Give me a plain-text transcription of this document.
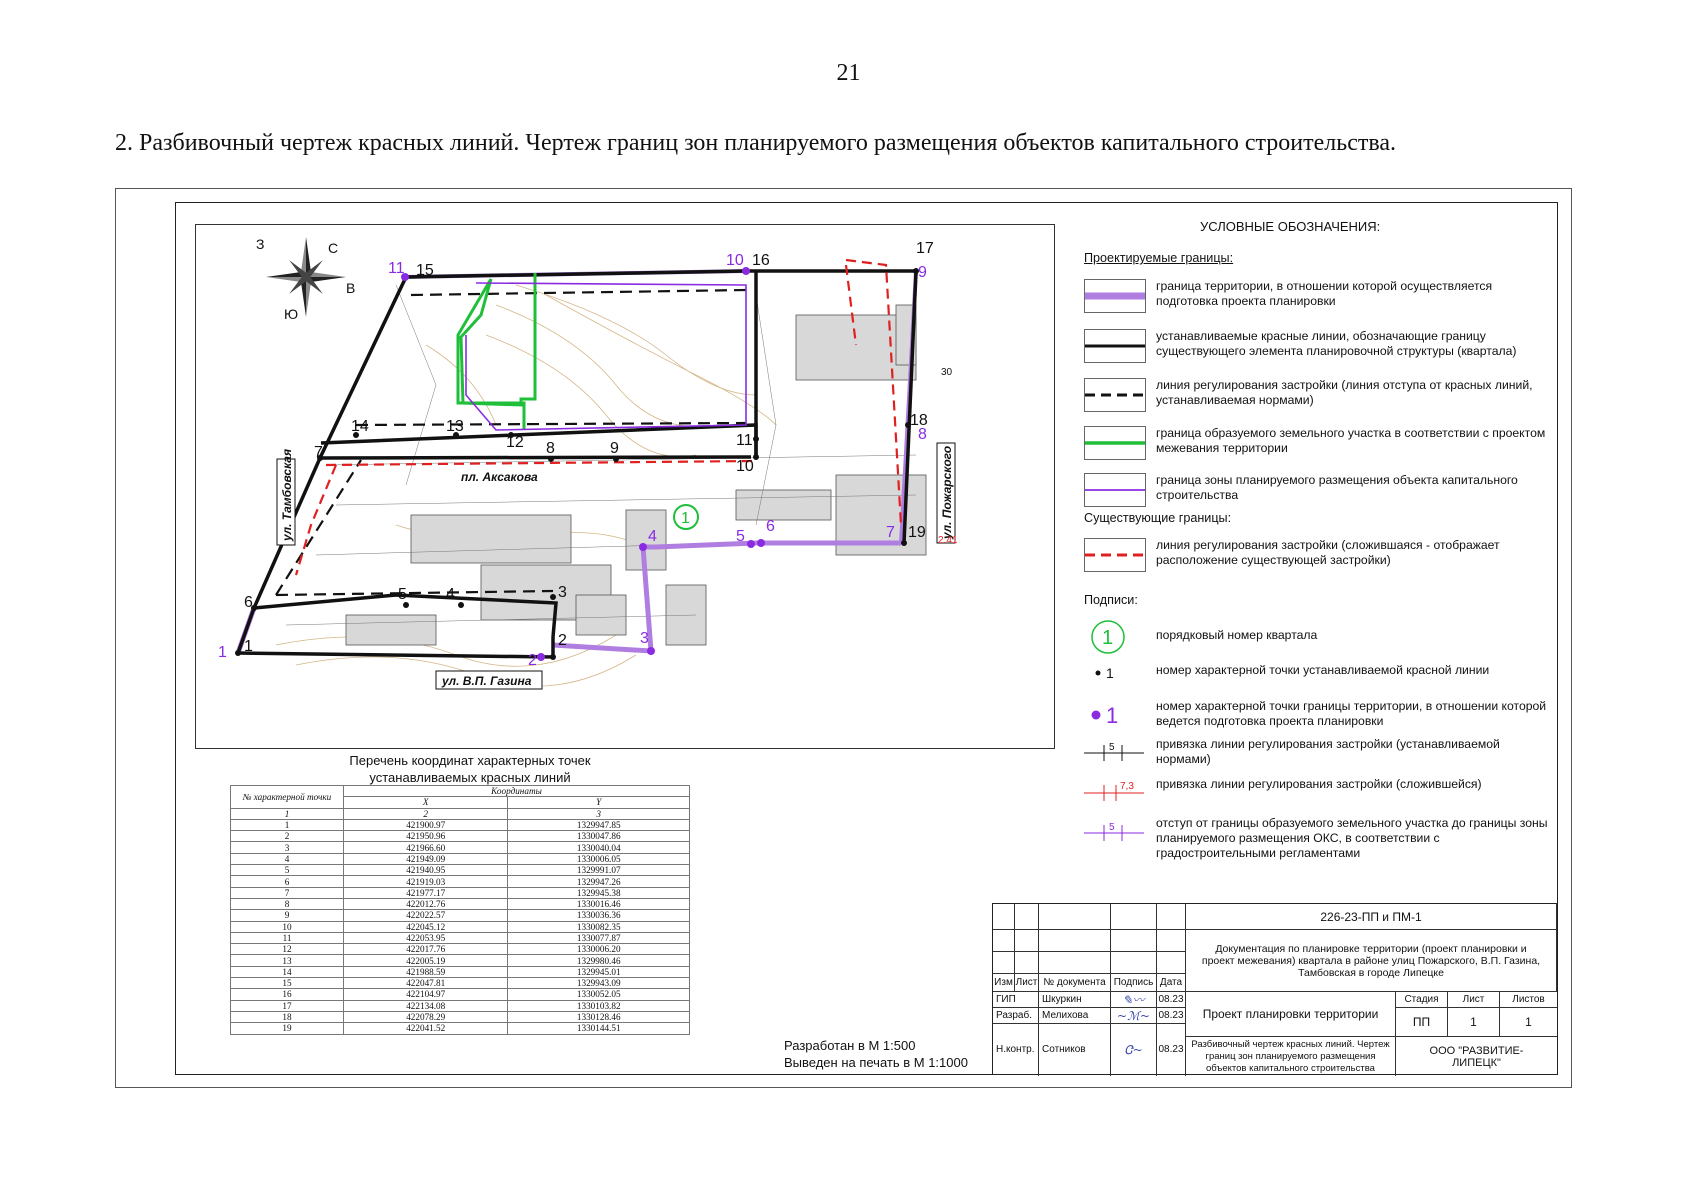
21
2. Разбивочный чертеж красных линий. Чертеж границ зон планируемого размещения объектов капитального строительства.
С
З
В
Ю
ул. Тамбовская	ул. Пожарского
ул. В.П. Газина
пл. Аксакова
1
30
2.41
1	2
3
4
5
6
7	8	9
10
11
12
13
14
15
16
17
18
19
1	2
3
4	5
6	7
8
9
10
11
Перечень координат характерных точек
устанавливаемых красных линий
№ характерной точки	Координаты	
	X	Y
1	2	3
1	421900.97	1329947.85
2	421950.96	1330047.86
3	421966.60	1330040.04
4	421949.09	1330006.05
5	421940.95	1329991.07
6	421919.03	1329947.26
7	421977.17	1329945.38
8	422012.76	1330016.46
9	422022.57	1330036.36
10	422045.12	1330082.35
11	422053.95	1330077.87
12	422017.76	1330006.20
13	422005.19	1329980.46
14	421988.59	1329945.01
15	422047.81	1329943.09
16	422104.97	1330052.05
17	422134.08	1330103.82
18	422078.29	1330128.46
19	422041.52	1330144.51
Разработан в М 1:500
Выведен на печать в М 1:1000
УСЛОВНЫЕ ОБОЗНАЧЕНИЯ:
Проектируемые границы:
граница территории, в отношении которой осуществляется подготовка проекта планировки
устанавливаемые красные линии, обозначающие границу существующего элемента планировочной структуры (квартала)
линия регулирования застройки (линия отступа от красных линий, устанавливаемая нормами)
граница образуемого земельного участка в соответствии с проектом межевания территории
граница зоны планируемого размещения объекта капитального строительства
Существующие границы:
линия регулирования застройки (сложившаяся - отображает расположение существующей застройки)
Подписи:
1	порядковый номер квартала
1	номер характерной точки устанавливаемой красной линии
1	номер характерной точки границы территории, в отношении которой ведется подготовка проекта планировки
5	привязка линии регулирования застройки (устанавливаемой нормами)
7,3 привязка линии регулирования застройки (сложившейся)
5	отступ от границы образуемого земельного участка до границы зоны планируемого размещения ОКС, в соответствии с градостроительными регламентами
Изм Лист № документа Подпись Дата
ГИП	Шкуркин	✎〰 08.23
Разраб. Мелихова	~ℳ~ 08.23
Н.контр. Сотников	Ꮳ~ 08.23
226-23-ПП и ПМ-1
Документация по планировке территории (проект планировки и проект межевания) квартала в районе улиц Пожарского, В.П. Газина, Тамбовская в городе Липецке
Проект планировки территории
Стадия	Лист	Листов
ПП	1	1
Разбивочный чертеж красных линий. Чертеж границ зон планируемого размещения объектов капитального строительства
ООО "РАЗВИТИЕ-ЛИПЕЦК"
